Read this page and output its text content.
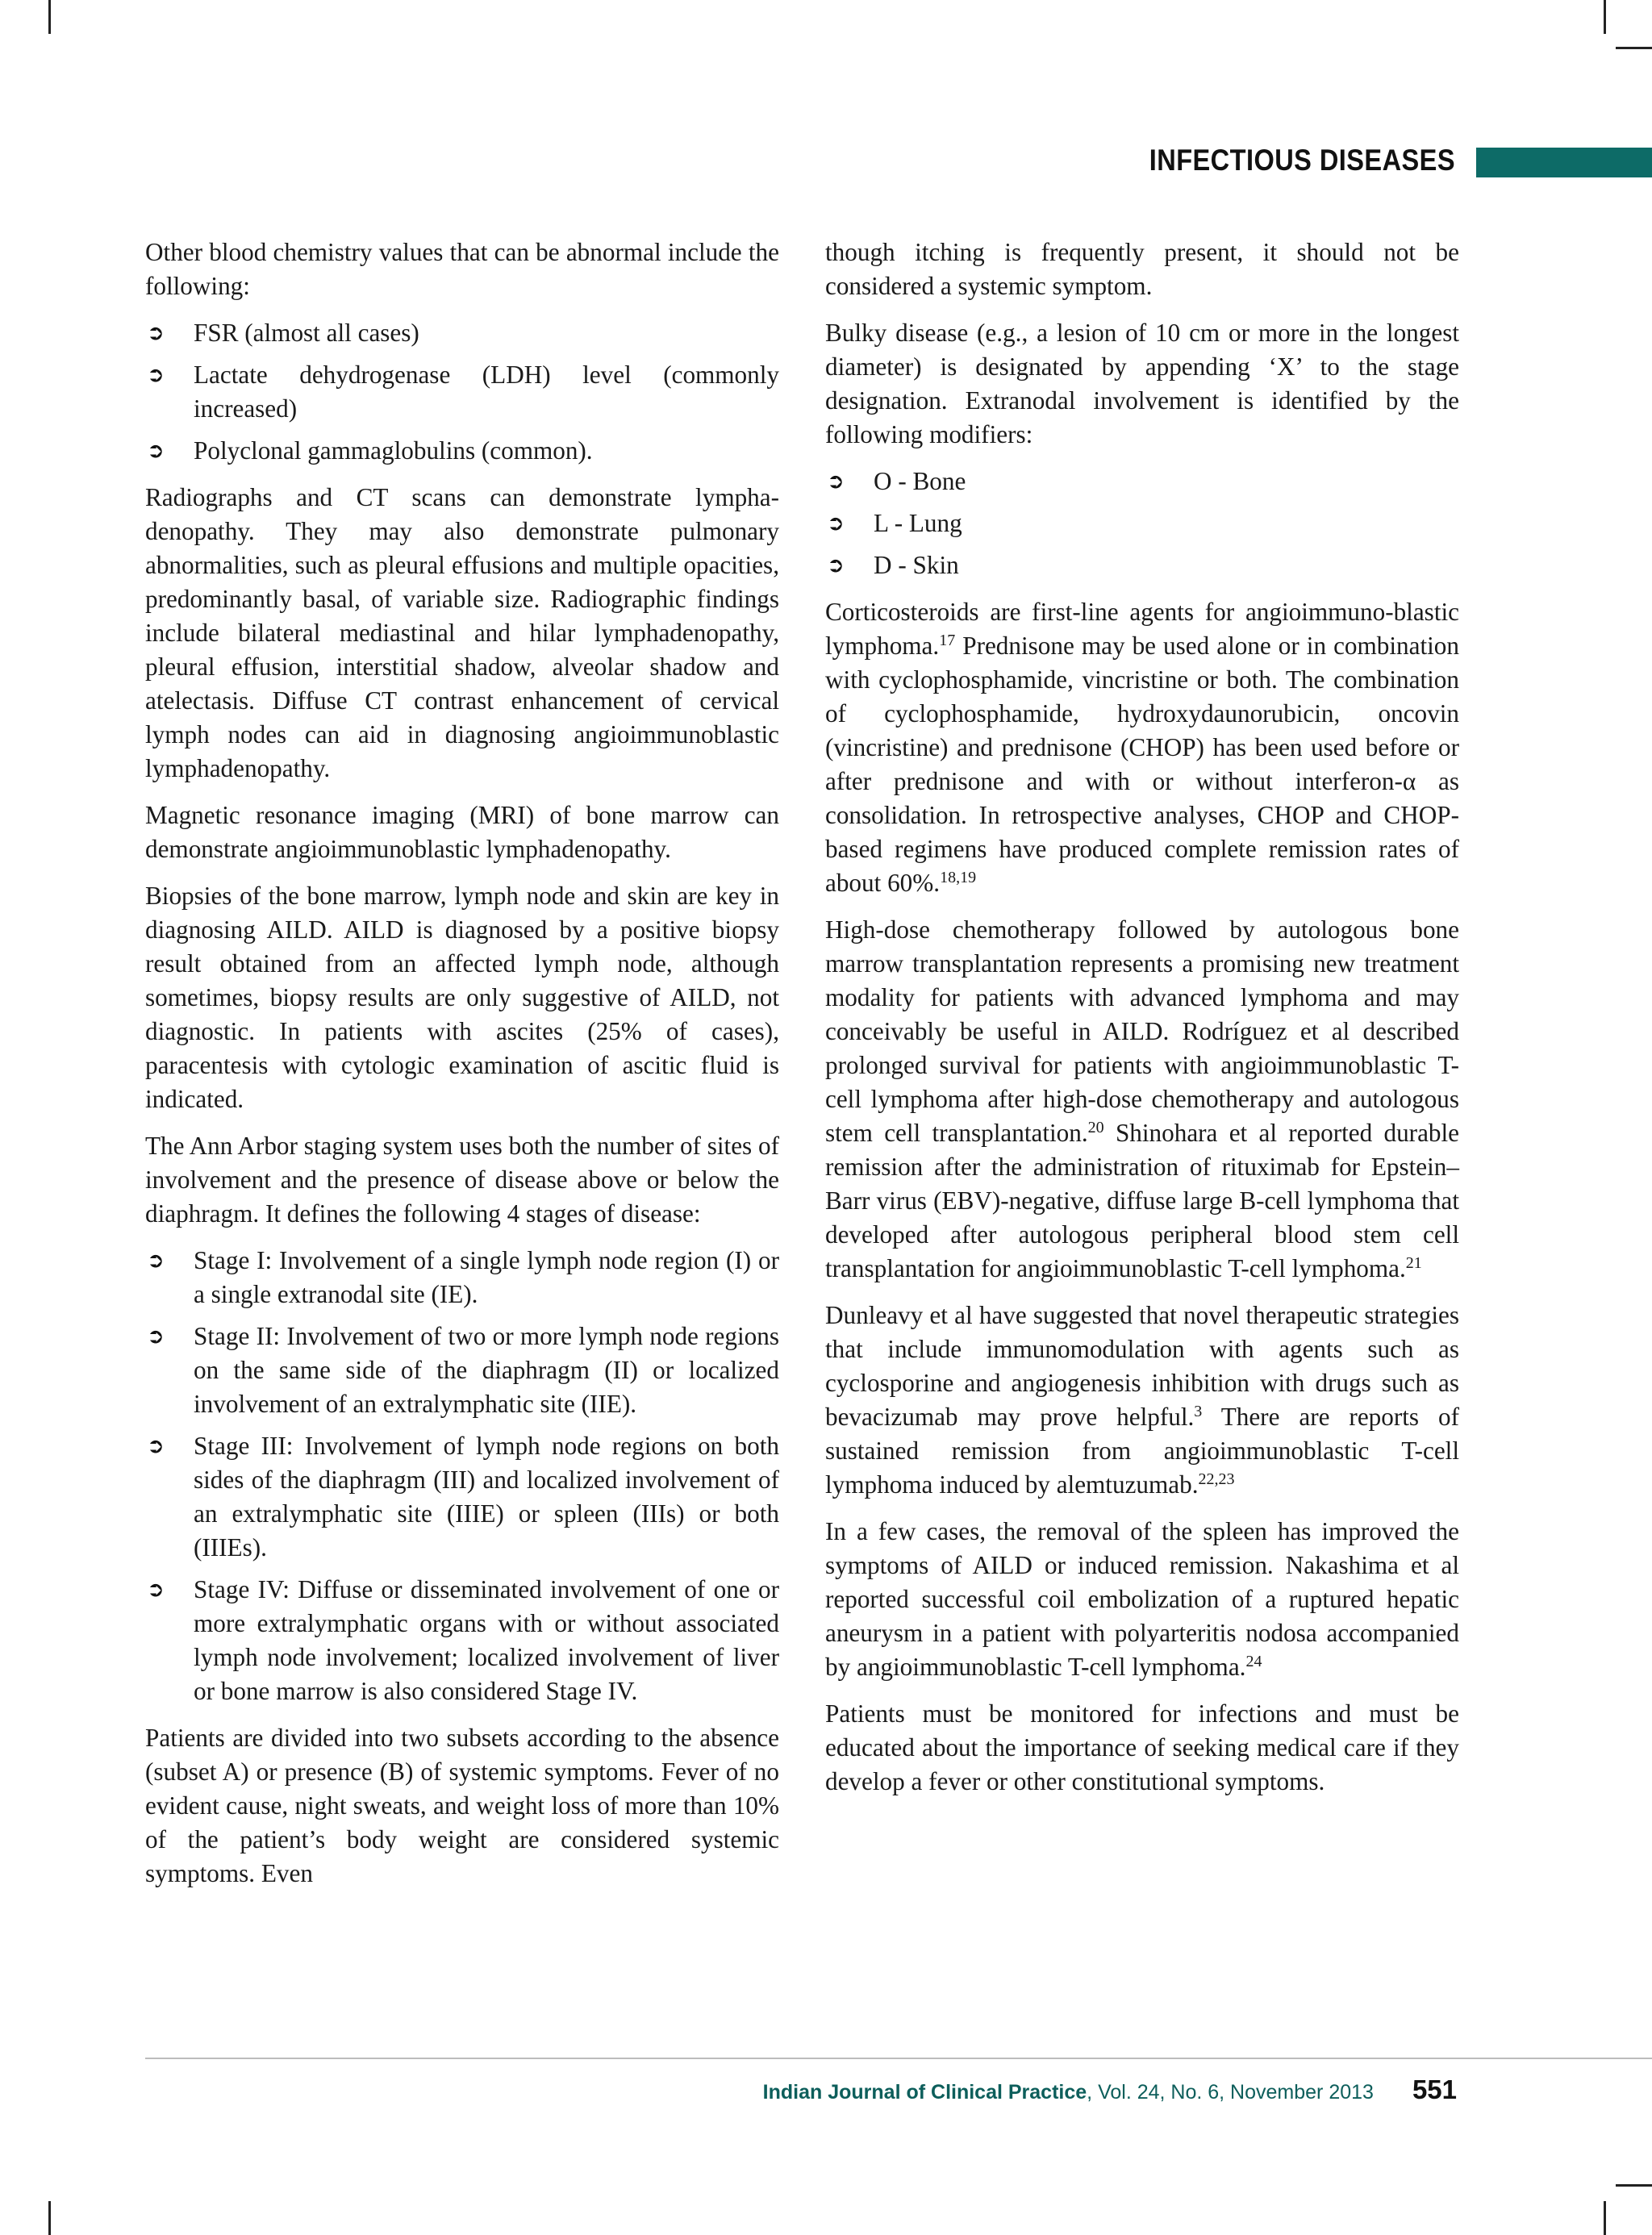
INFECTIOUS DISEASES

Other blood chemistry values that can be abnormal include the following:

➲	FSR (almost all cases)
➲	Lactate dehydrogenase (LDH) level (commonly increased)
➲	Polyclonal gammaglobulins (common).

Radiographs and CT scans can demonstrate lympha-denopathy. They may also demonstrate pulmonary abnormalities, such as pleural effusions and multiple opacities, predominantly basal, of variable size. Radiographic findings include bilateral mediastinal and hilar lymphadenopathy, pleural effusion, interstitial shadow, alveolar shadow and atelectasis. Diffuse CT contrast enhancement of cervical lymph nodes can aid in diagnosing angioimmunoblastic lymphadenopathy.

Magnetic resonance imaging (MRI) of bone marrow can demonstrate angioimmunoblastic lymphadenopathy.

Biopsies of the bone marrow, lymph node and skin are key in diagnosing AILD. AILD is diagnosed by a positive biopsy result obtained from an affected lymph node, although sometimes, biopsy results are only suggestive of AILD, not diagnostic. In patients with ascites (25% of cases), paracentesis with cytologic examination of ascitic fluid is indicated.

The Ann Arbor staging system uses both the number of sites of involvement and the presence of disease above or below the diaphragm. It defines the following 4 stages of disease:

➲	Stage I: Involvement of a single lymph node region (I) or a single extranodal site (IE).
➲	Stage II: Involvement of two or more lymph node regions on the same side of the diaphragm (II) or localized involvement of an extralymphatic site (IIE).
➲	Stage III: Involvement of lymph node regions on both sides of the diaphragm (III) and localized involvement of an extralymphatic site (IIIE) or spleen (IIIs) or both (IIIEs).
➲	Stage IV: Diffuse or disseminated involvement of one or more extralymphatic organs with or without associated lymph node involvement; localized involvement of liver or bone marrow is also considered Stage IV.

Patients are divided into two subsets according to the absence (subset A) or presence (B) of systemic symptoms. Fever of no evident cause, night sweats, and weight loss of more than 10% of the patient’s body weight are considered systemic symptoms. Even

though itching is frequently present, it should not be considered a systemic symptom.

Bulky disease (e.g., a lesion of 10 cm or more in the longest diameter) is designated by appending ‘X’ to the stage designation. Extranodal involvement is identified by the following modifiers:

➲	O - Bone
➲	L - Lung
➲	D - Skin

Corticosteroids are first-line agents for angioimmuno-blastic lymphoma.$^{17}$ Prednisone may be used alone or in combination with cyclophosphamide, vincristine or both. The combination of cyclophosphamide, hydroxydaunorubicin, oncovin (vincristine) and prednisone (CHOP) has been used before or after prednisone and with or without interferon-α as consolidation. In retrospective analyses, CHOP and CHOP-based regimens have produced complete remission rates of about 60%.$^{18,19}$

High-dose chemotherapy followed by autologous bone marrow transplantation represents a promising new treatment modality for patients with advanced lymphoma and may conceivably be useful in AILD. Rodríguez et al described prolonged survival for patients with angioimmunoblastic T-cell lymphoma after high-dose chemotherapy and autologous stem cell transplantation.$^{20}$ Shinohara et al reported durable remission after the administration of rituximab for Epstein–Barr virus (EBV)-negative, diffuse large B-cell lymphoma that developed after autologous peripheral blood stem cell transplantation for angioimmunoblastic T-cell lymphoma.$^{21}$

Dunleavy et al have suggested that novel therapeutic strategies that include immunomodulation with agents such as cyclosporine and angiogenesis inhibition with drugs such as bevacizumab may prove helpful.$^3$ There are reports of sustained remission from angioimmunoblastic T-cell lymphoma induced by alemtuzumab.$^{22,23}$

In a few cases, the removal of the spleen has improved the symptoms of AILD or induced remission. Nakashima et al reported successful coil embolization of a ruptured hepatic aneurysm in a patient with polyarteritis nodosa accompanied by angioimmunoblastic T-cell lymphoma.$^{24}$

Patients must be monitored for infections and must be educated about the importance of seeking medical care if they develop a fever or other constitutional symptoms.

Indian Journal of Clinical Practice, Vol. 24, No. 6, November 2013 551
